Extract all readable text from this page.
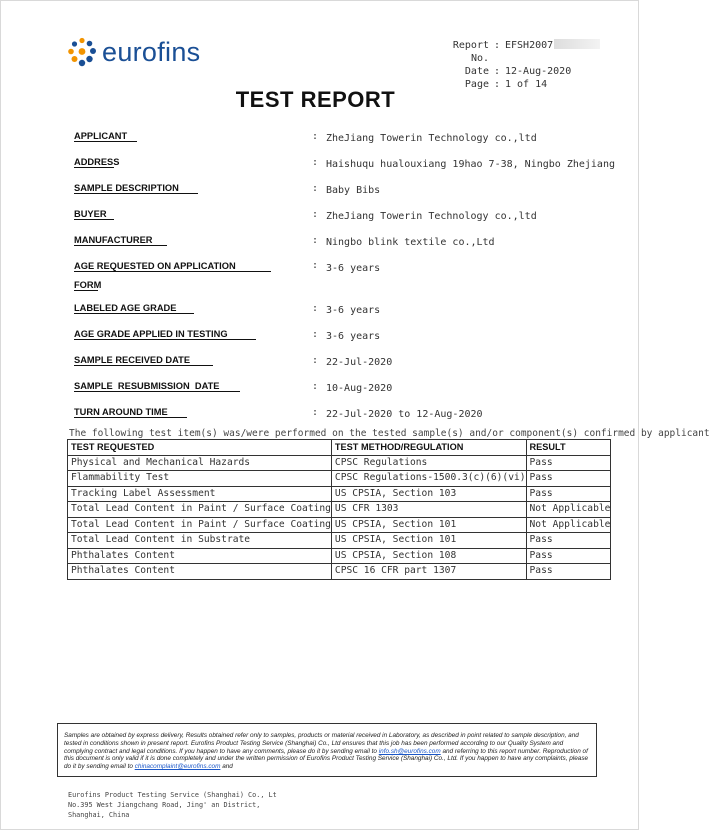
eurofins	Report No.
: EFSH2007
Date : 12-Aug-2020
Page : 1 of 14
TEST REPORT
APPLICANT	: ZheJiang Towerin Technology co.,ltd
ADDRESS	: Haishuqu hualouxiang 19hao 7-38, Ningbo Zhejiang
SAMPLE DESCRIPTION	: Baby Bibs
BUYER	: ZheJiang Towerin Technology co.,ltd
MANUFACTURER	: Ningbo blink textile co.,Ltd
AGE REQUESTED ON APPLICATION
FORM
: 3-6 years
LABELED AGE GRADE	: 3-6 years
AGE GRADE APPLIED IN TESTING	: 3-6 years
SAMPLE RECEIVED DATE	: 22-Jul-2020
SAMPLE  RESUBMISSION  DATE	: 10-Aug-2020
TURN AROUND TIME	: 22-Jul-2020 to 12-Aug-2020
The following test item(s) was/were performed on the tested sample(s) and/or component(s) confirmed by applicant
TEST REQUESTED	TEST METHOD/REGULATION	RESULT
Physical and Mechanical Hazards	CPSC Regulations	Pass
Flammability Test	CPSC Regulations-1500.3(c)(6)(vi)	Pass
Tracking Label Assessment	US CPSIA, Section 103	Pass
Total Lead Content in Paint / Surface Coating	US CFR 1303	Not Applicable
Total Lead Content in Paint / Surface Coating	US CPSIA, Section 101	Not Applicable
Total Lead Content in Substrate	US CPSIA, Section 101	Pass
Phthalates Content	US CPSIA, Section 108	Pass
Phthalates Content	CPSC 16 CFR part 1307	Pass
Samples are obtained by express delivery, Results obtained refer only to samples, products or material received in Laboratory, as described in point related to sample description, and tested in conditions shown in present report. Eurofins Product Testing Service (Shanghai) Co., Ltd ensures that this job has been performed according to our Quality System and complying contract and legal conditions. If you happen to have any comments, please do it by sending email to info.sh@eurofins.com and referring to this report number. Reproduction of this document is only valid if it is done completely and under the written permission of Eurofins Product Testing Service (Shanghai) Co., Ltd. If you happen to have any complaints, please do it by sending email to chinacomplaint@eurofins.com and
Eurofins Product Testing Service (Shanghai) Co., Lt
No.395 West Jiangchang Road, Jing' an District,
Shanghai, China
